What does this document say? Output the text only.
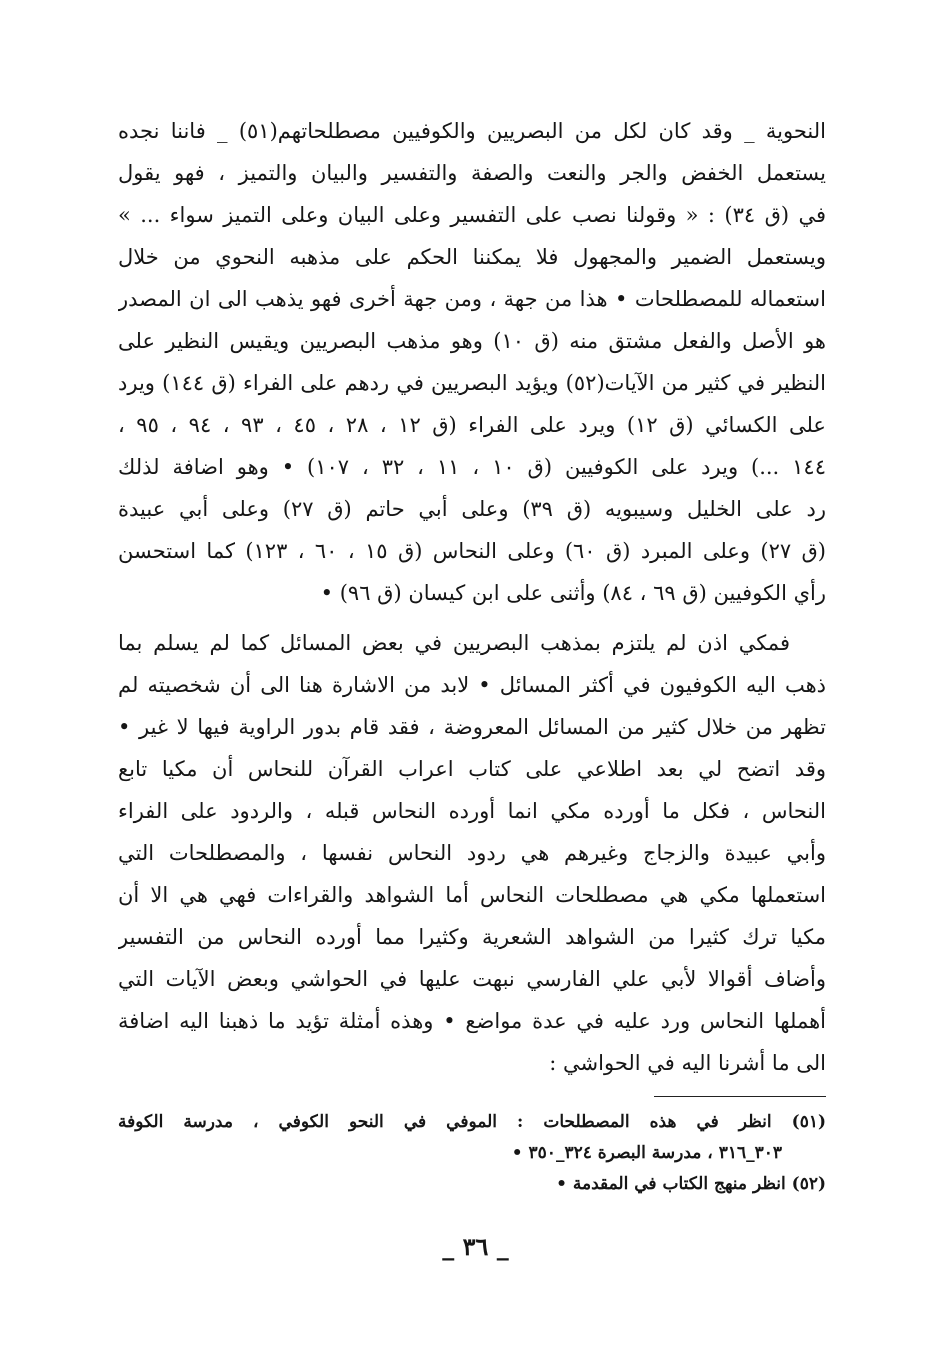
النحوية _ وقد كان لكل من البصريين والكوفيين مصطلحاتهم(٥١) _ فاننا نجده
يستعمل الخفض والجر والنعت والصفة والتفسير والبيان والتميز ، فهو يقول
في (ق ٣٤) : « وقولنا نصب على التفسير وعلى البيان وعلى التميز سواء ... »
ويستعمل الضمير والمجهول فلا يمكننا الحكم على مذهبه النحوي من خلال
استعماله للمصطلحات • هذا من جهة ، ومن جهة أخرى فهو يذهب الى ان المصدر
هو الأصل والفعل مشتق منه (ق ١٠) وهو مذهب البصريين ويقيس النظير على
النظير في كثير من الآيات(٥٢) ويؤيد البصريين في ردهم على الفراء (ق ١٤٤) ويرد
على الكسائي (ق ١٢) ويرد على الفراء (ق ١٢ ، ٢٨ ، ٤٥ ، ٩٣ ، ٩٤ ، ٩٥ ،
١٤٤ ...) ويرد على الكوفيين (ق ١٠ ، ١١ ، ٣٢ ، ١٠٧) • وهو اضافة لذلك
رد على الخليل وسيبويه (ق ٣٩) وعلى أبي حاتم (ق ٢٧) وعلى أبي عبيدة
(ق ٢٧) وعلى المبرد (ق ٦٠) وعلى النحاس (ق ١٥ ، ٦٠ ، ١٢٣) كما استحسن
رأي الكوفيين (ق ٦٩ ، ٨٤) وأثنى على ابن كيسان (ق ٩٦) •
فمكي اذن لم يلتزم بمذهب البصريين في بعض المسائل كما لم يسلم بما
ذهب اليه الكوفيون في أكثر المسائل • لابد من الاشارة هنا الى أن شخصيته لم
تظهر من خلال كثير من المسائل المعروضة ، فقد قام بدور الراوية فيها لا غير •
وقد اتضح لي بعد اطلاعي على كتاب اعراب القرآن للنحاس أن مكيا تابع
النحاس ، فكل ما أورده مكي انما أورده النحاس قبله ، والردود على الفراء
وأبي عبيدة والزجاج وغيرهم هي ردود النحاس نفسها ، والمصطلحات التي
استعملها مكي هي مصطلحات النحاس أما الشواهد والقراءات فهي هي الا أن
مكيا ترك كثيرا من الشواهد الشعرية وكثيرا مما أورده النحاس من التفسير
وأضاف أقوالا لأبي علي الفارسي نبهت عليها في الحواشي وبعض الآيات التي
أهملها النحاس ورد عليه في عدة مواضع • وهذه أمثلة تؤيد ما ذهبنا اليه اضافة
الى ما أشرنا اليه في الحواشي :
(٥١) انظر في هذه المصطلحات : الموفي في النحو الكوفي ، مدرسة الكوفة
٣٠٣_٣١٦ ، مدرسة البصرة ٣٢٤_٣٥٠ •
(٥٢) انظر منهج الكتاب في المقدمة •
_ ٣٦ _
